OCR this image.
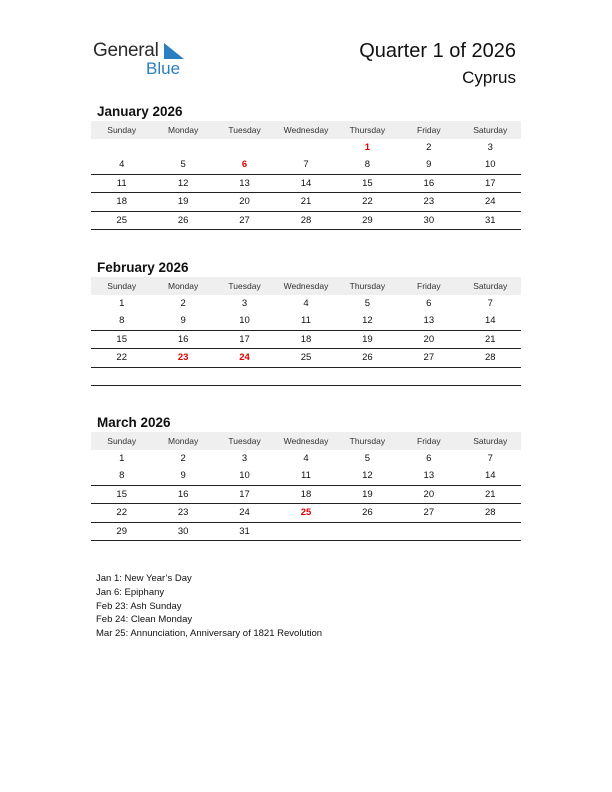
General
Blue
Quarter 1 of 2026
Cyprus
January 2026
Sunday	Monday	Tuesday	Wednesday	Thursday	Friday	Saturday
				1	2	3
4	5	6	7	8	9	10
11	12	13	14	15	16	17
18	19	20	21	22	23	24
25	26	27	28	29	30	31
February 2026
Sunday	Monday	Tuesday	Wednesday	Thursday	Friday	Saturday
1	2	3	4	5	6	7
8	9	10	11	12	13	14
15	16	17	18	19	20	21
22	23	24	25	26	27	28

March 2026
Sunday	Monday	Tuesday	Wednesday	Thursday	Friday	Saturday
1	2	3	4	5	6	7
8	9	10	11	12	13	14
15	16	17	18	19	20	21
22	23	24	25	26	27	28
29	30	31				
Jan 1: New Year’s Day
Jan 6: Epiphany
Feb 23: Ash Sunday
Feb 24: Clean Monday
Mar 25: Annunciation, Anniversary of 1821 Revolution
